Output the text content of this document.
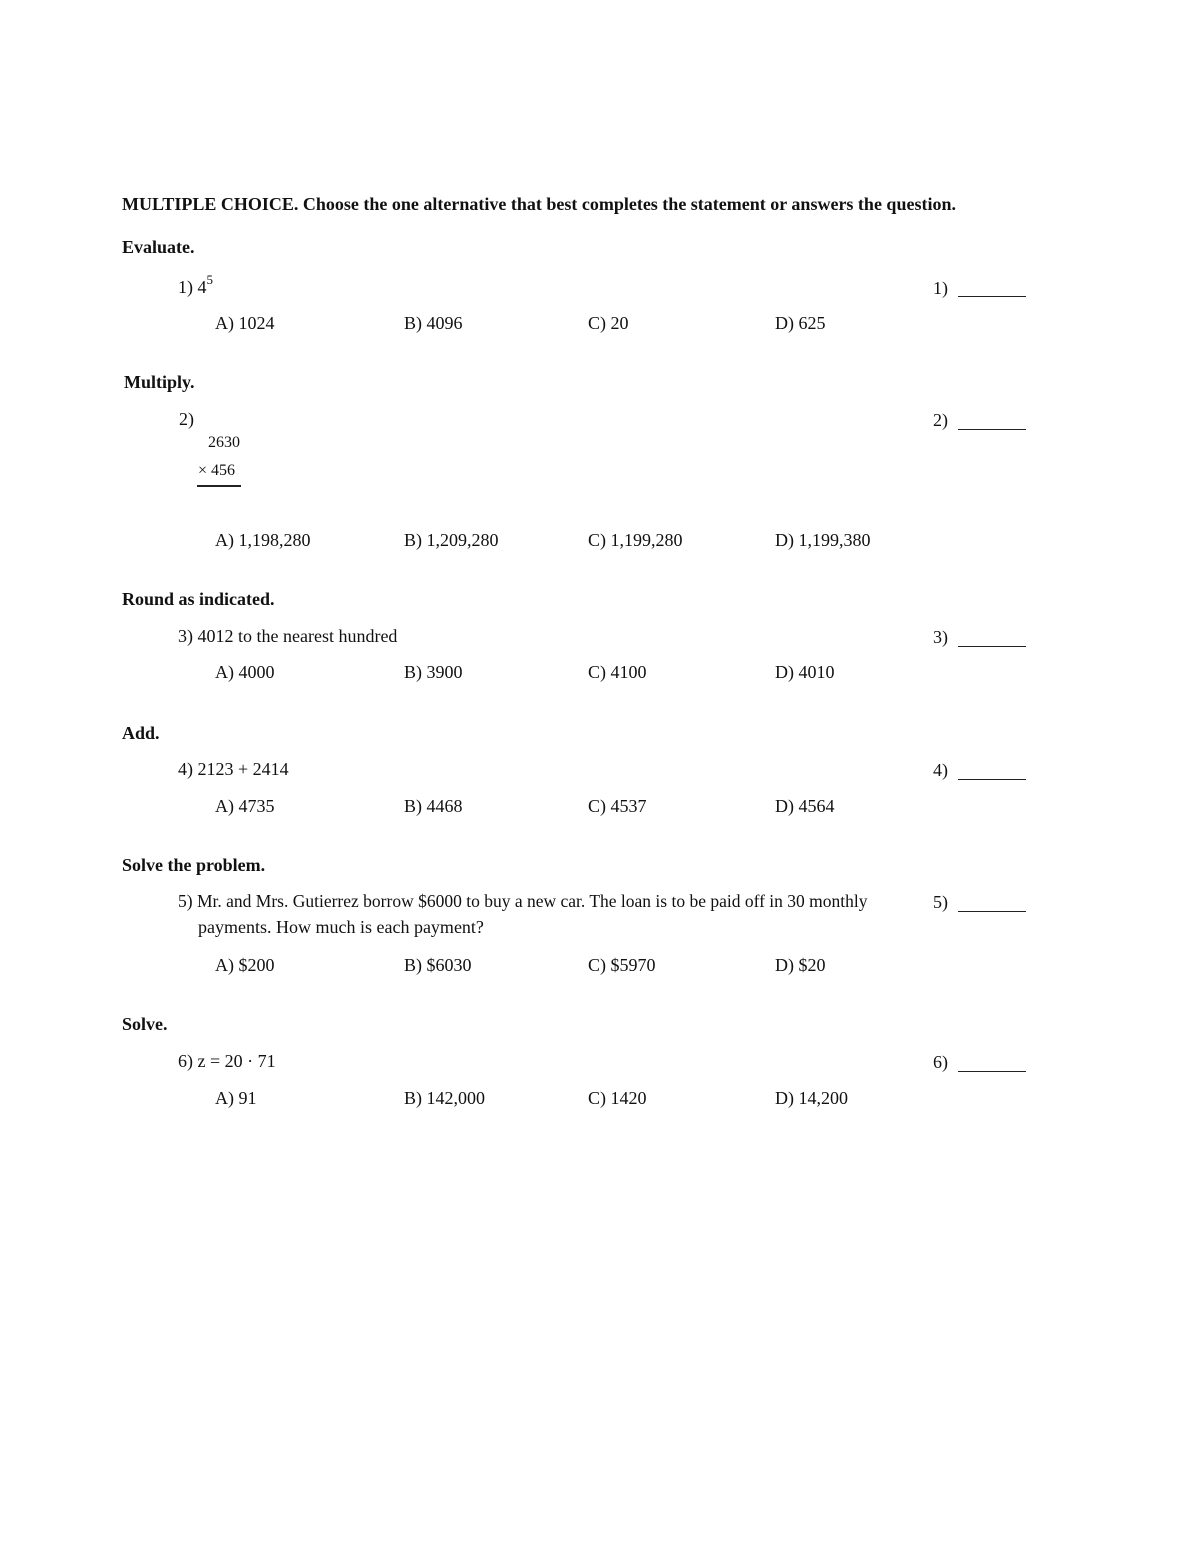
MULTIPLE CHOICE. Choose the one alternative that best completes the statement or answers the question.
Evaluate.
1) $4^5$	1)
A) 1024	B) 4096	C) 20	D) 625
Multiply.
2)
2630
× 456
2)
A) 1,198,280	B) 1,209,280	C) 1,199,280	D) 1,199,380
Round as indicated.
3) 4012 to the nearest hundred	3)
A) 4000	B) 3900	C) 4100	D) 4010
Add.
4) 2123 + 2414	4)
A) 4735	B) 4468	C) 4537	D) 4564
Solve the problem.
5) Mr. and Mrs. Gutierrez borrow $6000 to buy a new car. The loan is to be paid off in 30 monthly
payments. How much is each payment?
5)
A) $200	B) $6030	C) $5970	D) $20
Solve.
6) z = 20 · 71	6)
A) 91	B) 142,000	C) 1420	D) 14,200
